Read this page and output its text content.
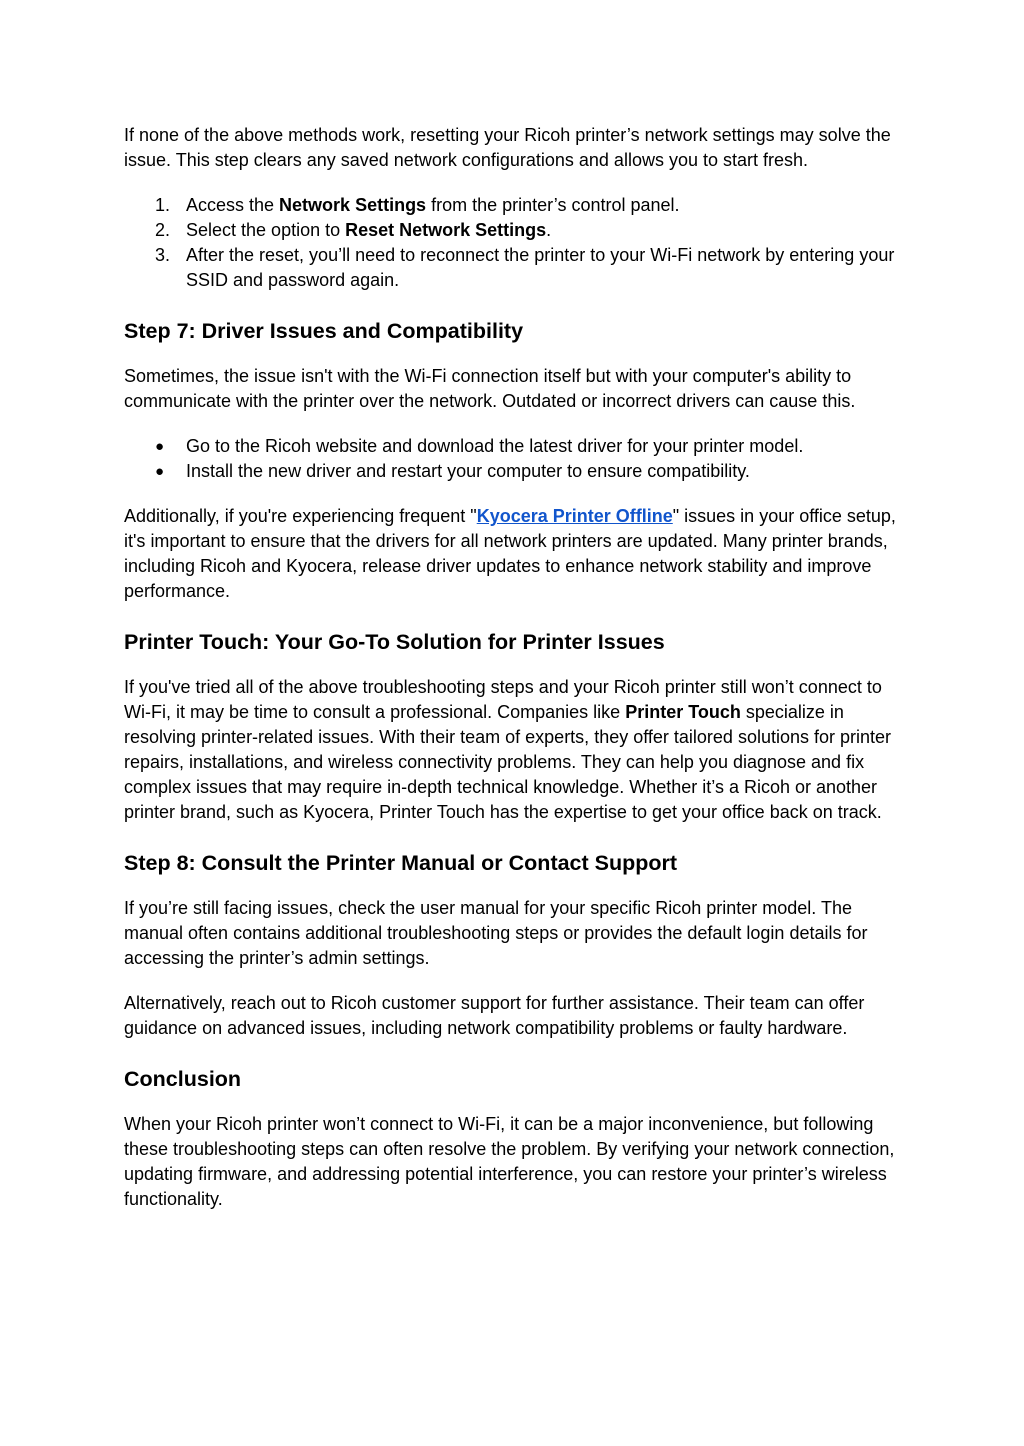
If none of the above methods work, resetting your Ricoh printer’s network settings may solve the issue. This step clears any saved network configurations and allows you to start fresh.

1. Access the Network Settings from the printer’s control panel.
2. Select the option to Reset Network Settings.
3. After the reset, you’ll need to reconnect the printer to your Wi-Fi network by entering your SSID and password again.
Step 7: Driver Issues and Compatibility

Sometimes, the issue isn't with the Wi-Fi connection itself but with your computer's ability to communicate with the printer over the network. Outdated or incorrect drivers can cause this.

● Go to the Ricoh website and download the latest driver for your printer model.
● Install the new driver and restart your computer to ensure compatibility.

Additionally, if you're experiencing frequent "Kyocera Printer Offline" issues in your office setup, it's important to ensure that the drivers for all network printers are updated. Many printer brands, including Ricoh and Kyocera, release driver updates to enhance network stability and improve performance.

Printer Touch: Your Go-To Solution for Printer Issues

If you've tried all of the above troubleshooting steps and your Ricoh printer still won’t connect to Wi-Fi, it may be time to consult a professional. Companies like Printer Touch specialize in resolving printer-related issues. With their team of experts, they offer tailored solutions for printer repairs, installations, and wireless connectivity problems. They can help you diagnose and fix complex issues that may require in-depth technical knowledge. Whether it’s a Ricoh or another printer brand, such as Kyocera, Printer Touch has the expertise to get your office back on track.

Step 8: Consult the Printer Manual or Contact Support

If you’re still facing issues, check the user manual for your specific Ricoh printer model. The manual often contains additional troubleshooting steps or provides the default login details for accessing the printer’s admin settings.

Alternatively, reach out to Ricoh customer support for further assistance. Their team can offer guidance on advanced issues, including network compatibility problems or faulty hardware.

Conclusion

When your Ricoh printer won’t connect to Wi-Fi, it can be a major inconvenience, but following these troubleshooting steps can often resolve the problem. By verifying your network connection, updating firmware, and addressing potential interference, you can restore your printer’s wireless functionality.
